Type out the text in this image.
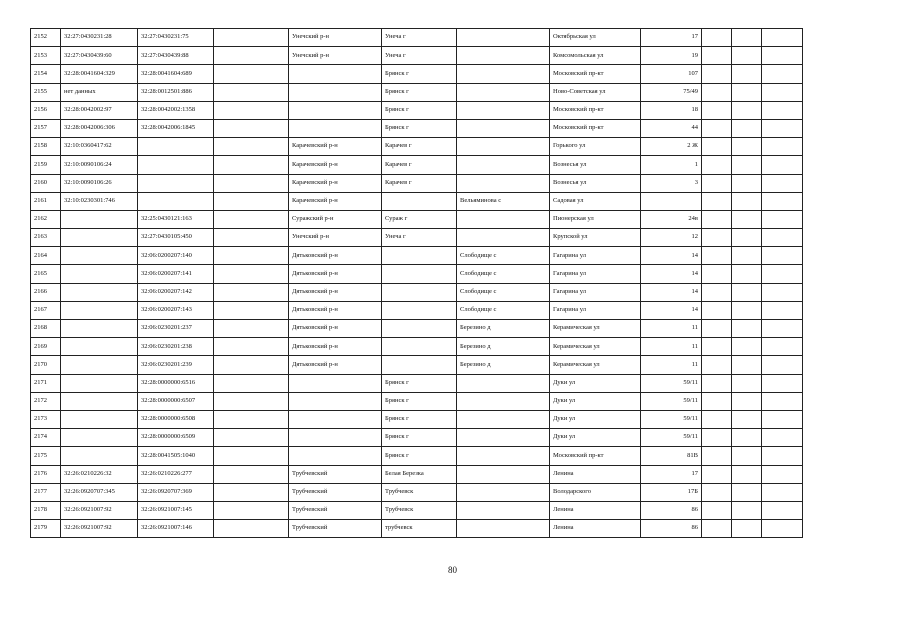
2152	32:27:0430231:28	32:27:0430231:75		Унечский р-н	Унеча г		Октябрьская ул	17			
2153	32:27:0430439:60	32:27:0430439:88		Унечский р-н	Унеча г		Комсомольская ул	19			
2154	32:28:0041604:329	32:28:0041604:689			Брянск г		Московский пр-кт	107			
2155	нет данных	32:28:0012501:886			Брянск г		Ново-Советская ул	75/49			
2156	32:28:0042002:97	32:28:0042002:1358			Брянск г		Московский пр-кт	18			
2157	32:28:0042006:306	32:28:0042006:1845			Брянск г		Московский пр-кт	44			
2158	32:10:0360417:62			Карачевский р-н	Карачев г		Горького ул	2 Ж			
2159	32:10:0090106:24			Карачевский р-н	Карачев г		Вознесья ул	1			
2160	32:10:0090106:26			Карачевский р-н	Карачев г		Вознесья ул	3			
2161	32:10:0230301:746			Карачевский р-н		Вельяминова с	Садовая ул				
2162		32:25:0430121:163		Суражский р-н	Сураж г		Пионерская ул	24в			
2163		32:27:0430105:450		Унечский р-н	Унеча г		Крупской ул	12			
2164		32:06:0200207:140		Дятьковский р-н		Слободище с	Гагарина ул	14			
2165		32:06:0200207:141		Дятьковский р-н		Слободище с	Гагарина ул	14			
2166		32:06:0200207:142		Дятьковский р-н		Слободище с	Гагарина ул	14			
2167		32:06:0200207:143		Дятьковский р-н		Слободище с	Гагарина ул	14			
2168		32:06:0230201:237		Дятьковский р-н		Березино д	Керамическая ул	11			
2169		32:06:0230201:238		Дятьковский р-н		Березино д	Керамическая ул	11			
2170		32:06:0230201:239		Дятьковский р-н		Березино д	Керамическая ул	11			
2171		32:28:0000000:6516			Брянск г		Дуки ул	59/11			
2172		32:28:0000000:6507			Брянск г		Дуки ул	59/11			
2173		32:28:0000000:6508			Брянск г		Дуки ул	59/11			
2174		32:28:0000000:6509			Брянск г		Дуки ул	59/11			
2175		32:28:0041505:1040			Брянск г		Московский пр-кт	81В			
2176	32:26:0210226:32	32:26:0210226:277		Трубчевский	Белая Березка		Ленина	17			
2177	32:26:0920707:345	32:26:0920707:369		Трубчевский	Трубчевск		Володарского	17Б			
2178	32:26:0921007:92	32:26:0921007:145		Трубчевский	Трубчевск		Ленина	86			
2179	32:26:0921007:92	32:26:0921007:146		Трубчевский	трубчевск		Ленина	86			
80
